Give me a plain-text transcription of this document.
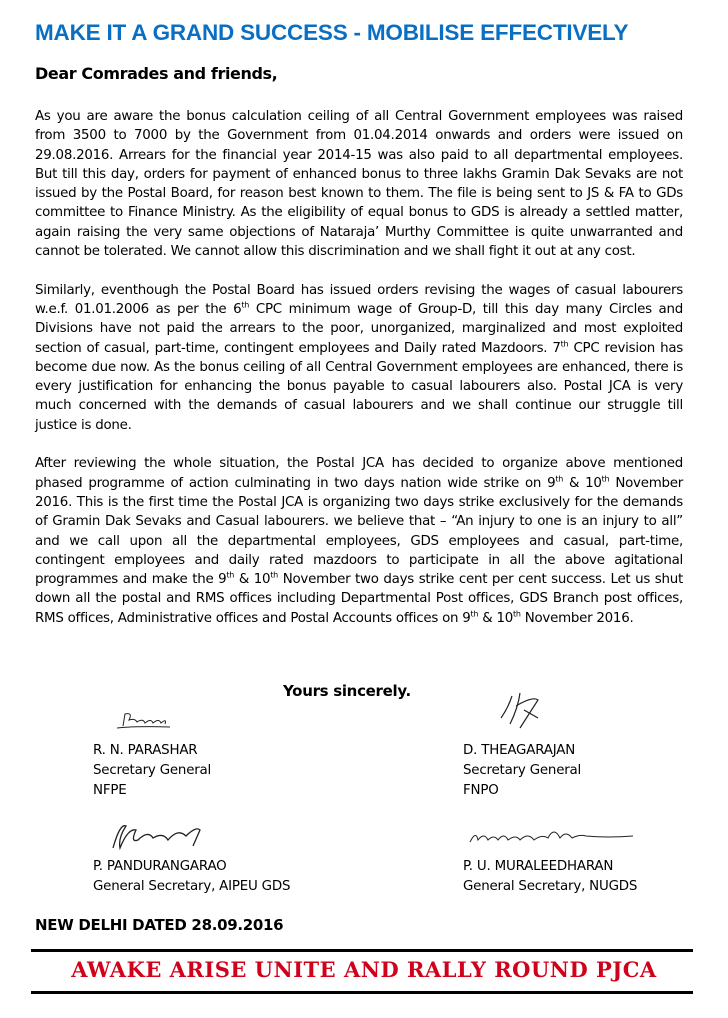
MAKE IT A GRAND SUCCESS - MOBILISE EFFECTIVELY
Dear Comrades and friends,

As you are aware the bonus calculation ceiling of all Central Government employees was raised from 3500 to 7000 by the Government from 01.04.2014 onwards and orders were issued on 29.08.2016. Arrears for the financial year 2014-15 was also paid to all departmental employees. But till this day, orders for payment of enhanced bonus to three lakhs Gramin Dak Sevaks are not issued by the Postal Board, for reason best known to them. The file is being sent to JS & FA to GDs committee to Finance Ministry. As the eligibility of equal bonus to GDS is already a settled matter, again raising the very same objections of Nataraja’ Murthy Committee is quite unwarranted and cannot be tolerated. We cannot allow this discrimination and we shall fight it out at any cost.

Similarly, eventhough the Postal Board has issued orders revising the wages of casual labourers w.e.f. 01.01.2006 as per the 6th CPC minimum wage of Group-D, till this day many Circles and Divisions have not paid the arrears to the poor, unorganized, marginalized and most exploited section of casual, part-time, contingent employees and Daily rated Mazdoors. 7th CPC revision has become due now. As the bonus ceiling of all Central Government employees are enhanced, there is every justification for enhancing the bonus payable to casual labourers also. Postal JCA is very much concerned with the demands of casual labourers and we shall continue our struggle till justice is done.

After reviewing the whole situation, the Postal JCA has decided to organize above mentioned phased programme of action culminating in two days nation wide strike on 9th & 10th November 2016. This is the first time the Postal JCA is organizing two days strike exclusively for the demands of Gramin Dak Sevaks and Casual labourers. we believe that – “An injury to one is an injury to all” and we call upon all the departmental employees, GDS employees and casual, part-time, contingent employees and daily rated mazdoors to participate in all the above agitational programmes and make the 9th & 10th November two days strike cent per cent success. Let us shut down all the postal and RMS offices including Departmental Post offices, GDS Branch post offices, RMS offices, Administrative offices and Postal Accounts offices on 9th & 10th November 2016.

Yours sincerely.
R. N. PARASHAR
Secretary General
NFPE
D. THEAGARAJAN
Secretary General
FNPO
P. PANDURANGARAO
General Secretary, AIPEU GDS
P. U. MURALEEDHARAN
General Secretary, NUGDS
NEW DELHI DATED 28.09.2016
AWAKE ARISE UNITE AND RALLY ROUND PJCA
